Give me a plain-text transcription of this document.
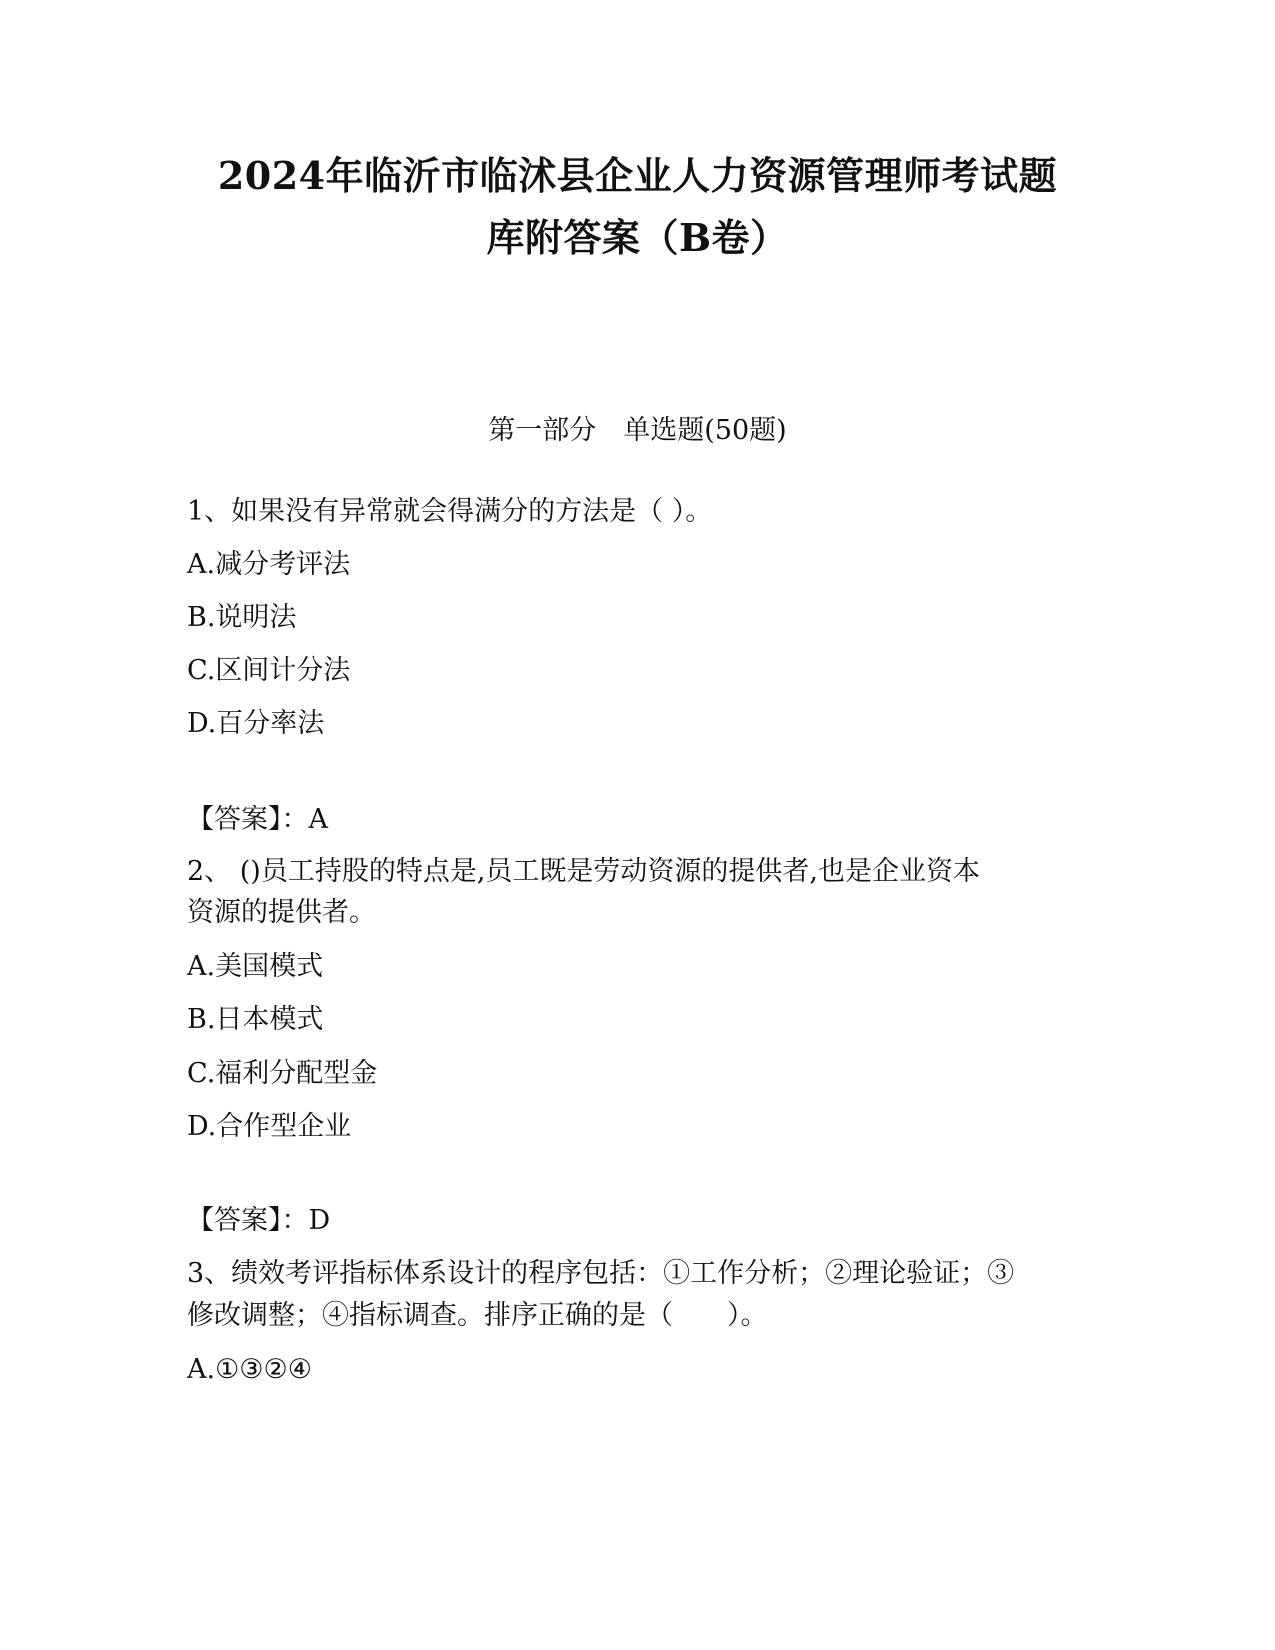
2024年临沂市临沭县企业人力资源管理师考试题
库附答案（B卷）

第一部分　单选题(50题)

1、如果没有异常就会得满分的方法是（ ）。

A.减分考评法

B.说明法

C.区间计分法

D.百分率法

【答案】：A

2、 ()员工持股的特点是,员工既是劳动资源的提供者,也是企业资本

资源的提供者。

A.美国模式

B.日本模式

C.福利分配型金

D.合作型企业

【答案】：D

3、绩效考评指标体系设计的程序包括：①工作分析；②理论验证；③

修改调整；④指标调查。排序正确的是（　　）。

A.①③②④
